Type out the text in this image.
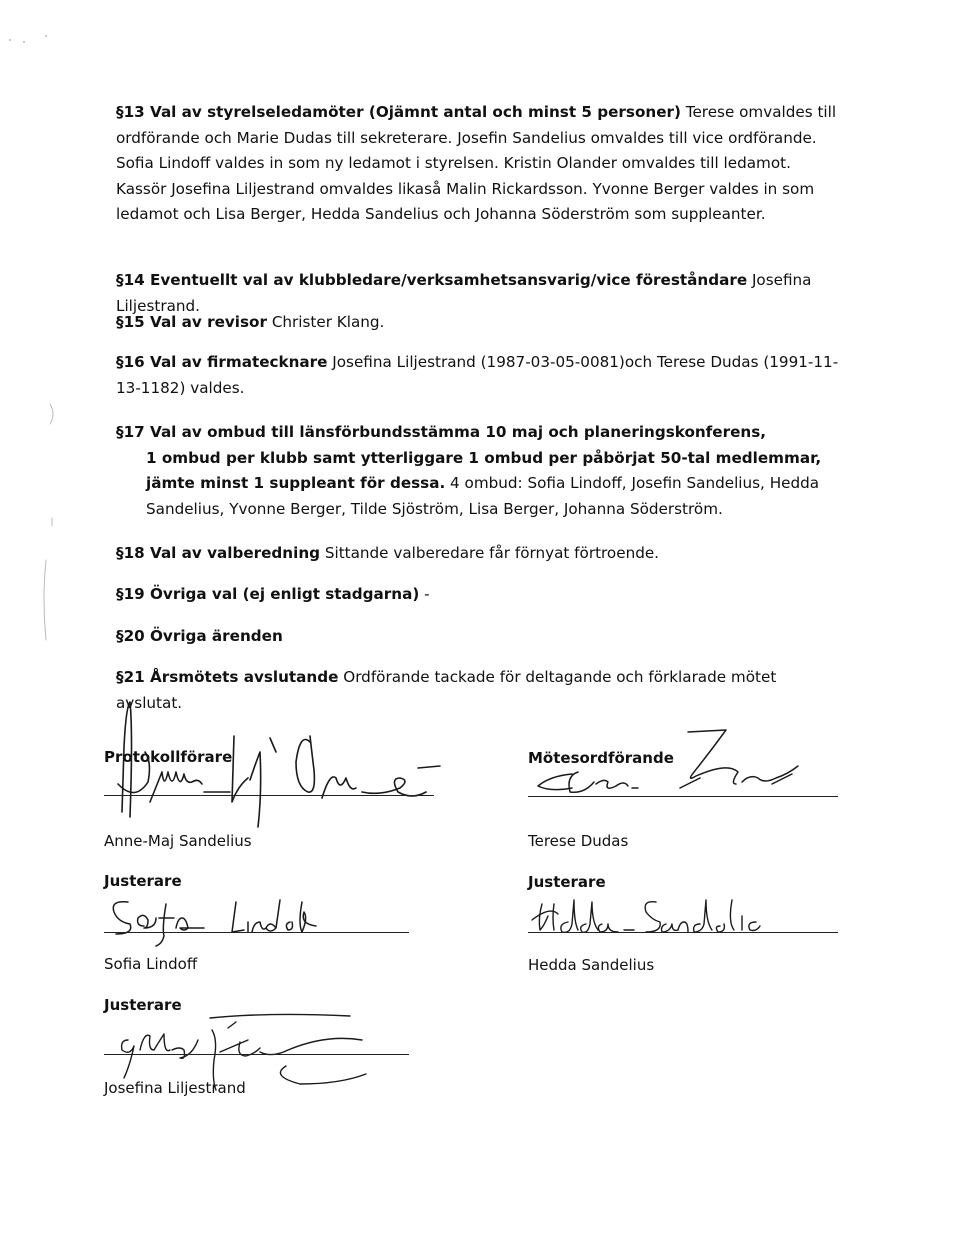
§13 Val av styrelseledamöter (Ojämnt antal och minst 5 personer) Terese omvaldes till ordförande och Marie Dudas till sekreterare. Josefin Sandelius omvaldes till vice ordförande. Sofia Lindoff valdes in som ny ledamot i styrelsen. Kristin Olander omvaldes till ledamot. Kassör Josefina Liljestrand omvaldes likaså Malin Rickardsson. Yvonne Berger valdes in som ledamot och Lisa Berger, Hedda Sandelius och Johanna Söderström som suppleanter.

§14 Eventuellt val av klubbledare/verksamhetsansvarig/vice föreståndare Josefina Liljestrand.

§15 Val av revisor Christer Klang.

§16 Val av firmatecknare Josefina Liljestrand (1987-03-05-0081)och Terese Dudas (1991-11-13-1182) valdes.

§17 Val av ombud till länsförbundsstämma 10 maj och planeringskonferens,
1 ombud per klubb samt ytterliggare 1 ombud per påbörjat 50-tal medlemmar, jämte minst 1 suppleant för dessa. 4 ombud: Sofia Lindoff, Josefin Sandelius, Hedda Sandelius, Yvonne Berger, Tilde Sjöström, Lisa Berger, Johanna Söderström.

§18 Val av valberedning Sittande valberedare får förnyat förtroende.

§19 Övriga val (ej enligt stadgarna) -

§20 Övriga ärenden

§21 Årsmötets avslutande Ordförande tackade för deltagande och förklarade mötet avslutat.

Protokollförare
Anne-Maj Sandelius
Justerare
Sofia Lindoff
Justerare
Josefina Liljestrand
Mötesordförande
Terese Dudas
Justerare
Hedda Sandelius
